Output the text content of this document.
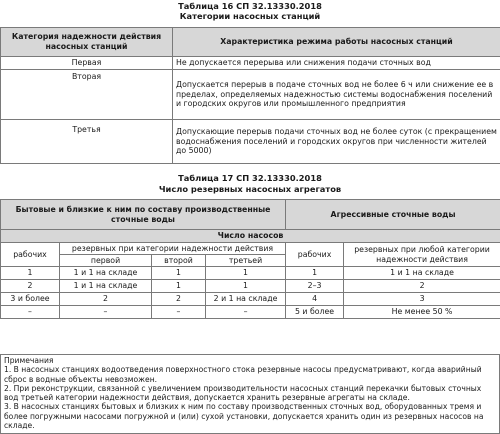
Таблица 16 СП 32.13330.2018
Категории насосных станций
Категория надежности действия насосных станций	Характеристика режима работы насосных станций
Первая	Не допускается перерыва или снижения подачи сточных вод
Вторая	Допускается перерыв в подаче сточных вод не более 6 ч или снижение ее в пределах, определяемых надежностью системы водоснабжения поселений и городских округов или промышленного предприятия
Третья	Допускающие перерыв подачи сточных вод не более суток (с прекращением водоснабжения поселений и городских округов при численности жителей до 5000)
Таблица 17 СП 32.13330.2018
Число резервных насосных агрегатов
Бытовые и близкие к ним по составу производственные сточные воды				Агрессивные сточные воды	
Число насосов					
рабочих	резервных при категории надежности действия			рабочих	резервных при любой категории надежности действия
	первой	второй	третьей		
1	1 и 1 на складе	1	1	1	1 и 1 на складе
2	1 и 1 на складе	1	1	2–3	2
3 и более	2	2	2 и 1 на складе	4	3
–	–	–	–	5 и более	Не менее 50 %
Примечания
1. В насосных станциях водоотведения поверхностного стока резервные насосы предусматривают, когда аварийный сброс в водные объекты невозможен.
2. При реконструкции, связанной с увеличением производительности насосных станций перекачки бытовых сточных вод третьей категории надежности действия, допускается хранить резервные агрегаты на складе.
3. В насосных станциях бытовых и близких к ним по составу производственных сточных вод, оборудованных тремя и более погружными насосами погружной и (или) сухой установки, допускается хранить один из резервных насосов на складе.
